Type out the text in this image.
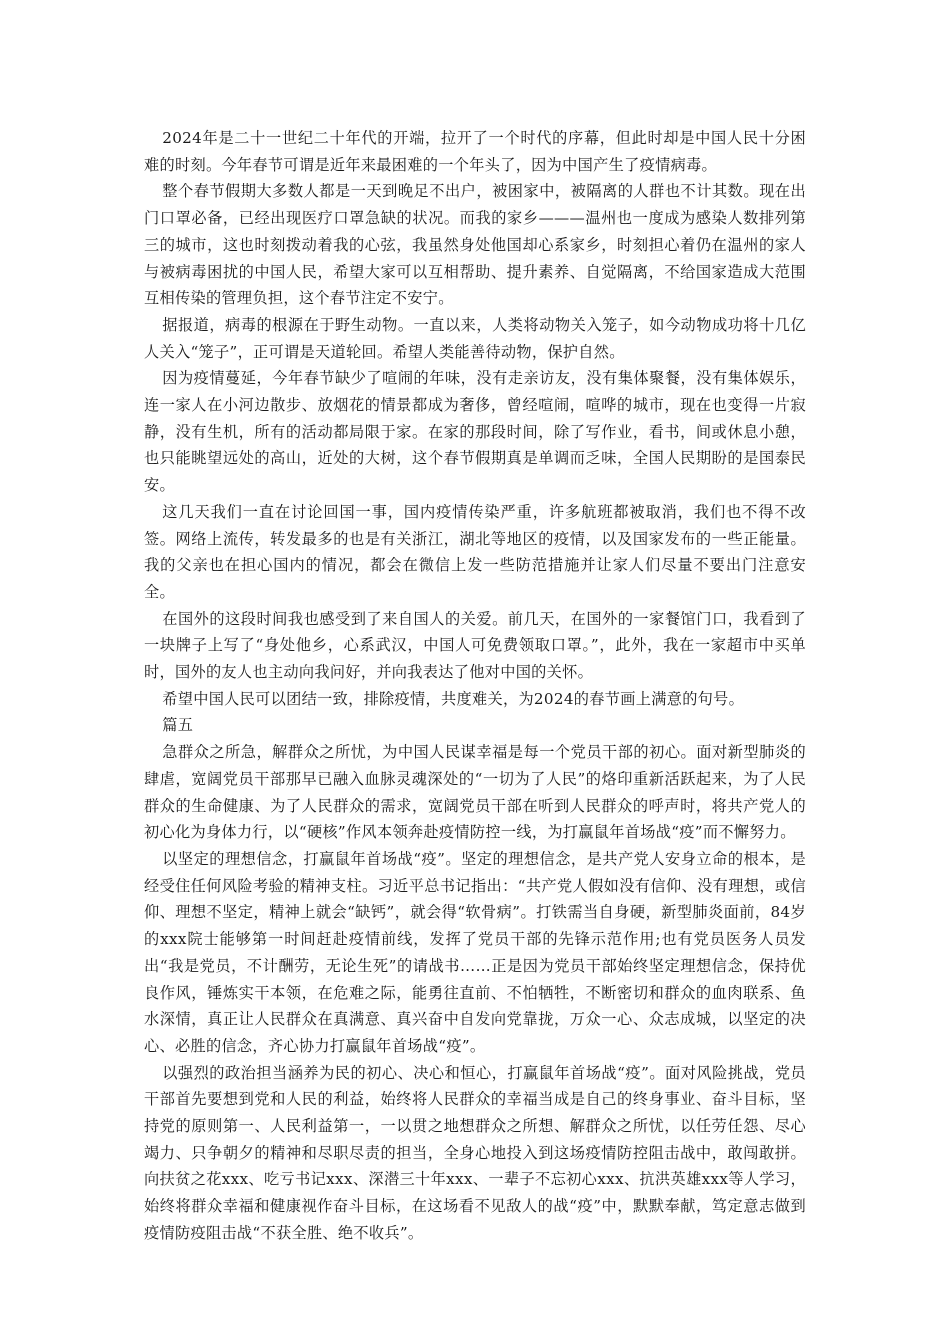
2024年是二十一世纪二十年代的开端，拉开了一个时代的序幕，但此时却是中国人民十分困难的时刻。今年春节可谓是近年来最困难的一个年头了，因为中国产生了疫情病毒。

整个春节假期大多数人都是一天到晚足不出户，被困家中，被隔离的人群也不计其数。现在出门口罩必备，已经出现医疗口罩急缺的状况。而我的家乡———温州也一度成为感染人数排列第三的城市，这也时刻拨动着我的心弦，我虽然身处他国却心系家乡，时刻担心着仍在温州的家人与被病毒困扰的中国人民，希望大家可以互相帮助、提升素养、自觉隔离，不给国家造成大范围互相传染的管理负担，这个春节注定不安宁。

据报道，病毒的根源在于野生动物。一直以来，人类将动物关入笼子，如今动物成功将十几亿人关入“笼子”，正可谓是天道轮回。希望人类能善待动物，保护自然。

因为疫情蔓延，今年春节缺少了喧闹的年味，没有走亲访友，没有集体聚餐，没有集体娱乐，连一家人在小河边散步、放烟花的情景都成为奢侈，曾经喧闹，喧哗的城市，现在也变得一片寂静，没有生机，所有的活动都局限于家。在家的那段时间，除了写作业，看书，间或休息小憩，也只能眺望远处的高山，近处的大树，这个春节假期真是单调而乏味，全国人民期盼的是国泰民安。

这几天我们一直在讨论回国一事，国内疫情传染严重，许多航班都被取消，我们也不得不改签。网络上流传，转发最多的也是有关浙江，湖北等地区的疫情，以及国家发布的一些正能量。我的父亲也在担心国内的情况，都会在微信上发一些防范措施并让家人们尽量不要出门注意安全。

在国外的这段时间我也感受到了来自国人的关爱。前几天，在国外的一家餐馆门口，我看到了一块牌子上写了“身处他乡，心系武汉，中国人可免费领取口罩。”，此外，我在一家超市中买单时，国外的友人也主动向我问好，并向我表达了他对中国的关怀。

希望中国人民可以团结一致，排除疫情，共度难关，为2024的春节画上满意的句号。

篇五

急群众之所急，解群众之所忧，为中国人民谋幸福是每一个党员干部的初心。面对新型肺炎的肆虐，宽阔党员干部那早已融入血脉灵魂深处的“一切为了人民”的烙印重新活跃起来，为了人民群众的生命健康、为了人民群众的需求，宽阔党员干部在听到人民群众的呼声时，将共产党人的初心化为身体力行，以“硬核”作风本领奔赴疫情防控一线，为打赢鼠年首场战“疫”而不懈努力。

以坚定的理想信念，打赢鼠年首场战“疫”。坚定的理想信念，是共产党人安身立命的根本，是经受住任何风险考验的精神支柱。习近平总书记指出：“共产党人假如没有信仰、没有理想，或信仰、理想不坚定，精神上就会“缺钙”，就会得“软骨病”。打铁需当自身硬，新型肺炎面前，84岁的xxx院士能够第一时间赶赴疫情前线，发挥了党员干部的先锋示范作用;也有党员医务人员发出“我是党员，不计酬劳，无论生死”的请战书……正是因为党员干部始终坚定理想信念，保持优良作风，锤炼实干本领，在危难之际，能勇往直前、不怕牺牲，不断密切和群众的血肉联系、鱼水深情，真正让人民群众在真满意、真兴奋中自发向党靠拢，万众一心、众志成城，以坚定的决心、必胜的信念，齐心协力打赢鼠年首场战“疫”。

以强烈的政治担当涵养为民的初心、决心和恒心，打赢鼠年首场战“疫”。面对风险挑战，党员干部首先要想到党和人民的利益，始终将人民群众的幸福当成是自己的终身事业、奋斗目标，坚持党的原则第一、人民利益第一，一以贯之地想群众之所想、解群众之所忧，以任劳任怨、尽心竭力、只争朝夕的精神和尽职尽责的担当，全身心地投入到这场疫情防控阻击战中，敢闯敢拼。向扶贫之花xxx、吃亏书记xxx、深潜三十年xxx、一辈子不忘初心xxx、抗洪英雄xxx等人学习，始终将群众幸福和健康视作奋斗目标，在这场看不见敌人的战“疫”中，默默奉献，笃定意志做到疫情防疫阻击战“不获全胜、绝不收兵”。
